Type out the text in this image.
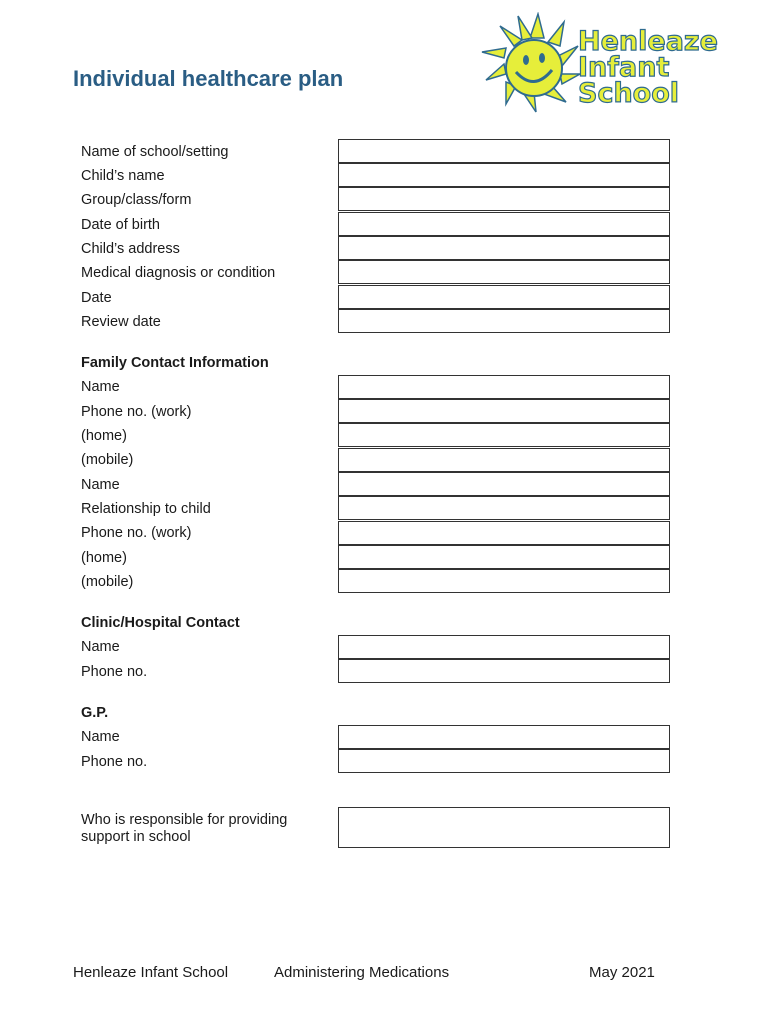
Individual healthcare plan
Henleaze
Infant
School
Name of school/setting
Child’s name
Group/class/form
Date of birth
Child’s address
Medical diagnosis or condition
Date
Review date
Family Contact Information
Name
Phone no. (work)
(home)
(mobile)
Name
Relationship to child
Phone no. (work)
(home)
(mobile)
Clinic/Hospital Contact
Name
Phone no.
G.P.
Name
Phone no.
Who is responsible for providing
support in school
Henleaze Infant School	Administering Medications	May 2021
